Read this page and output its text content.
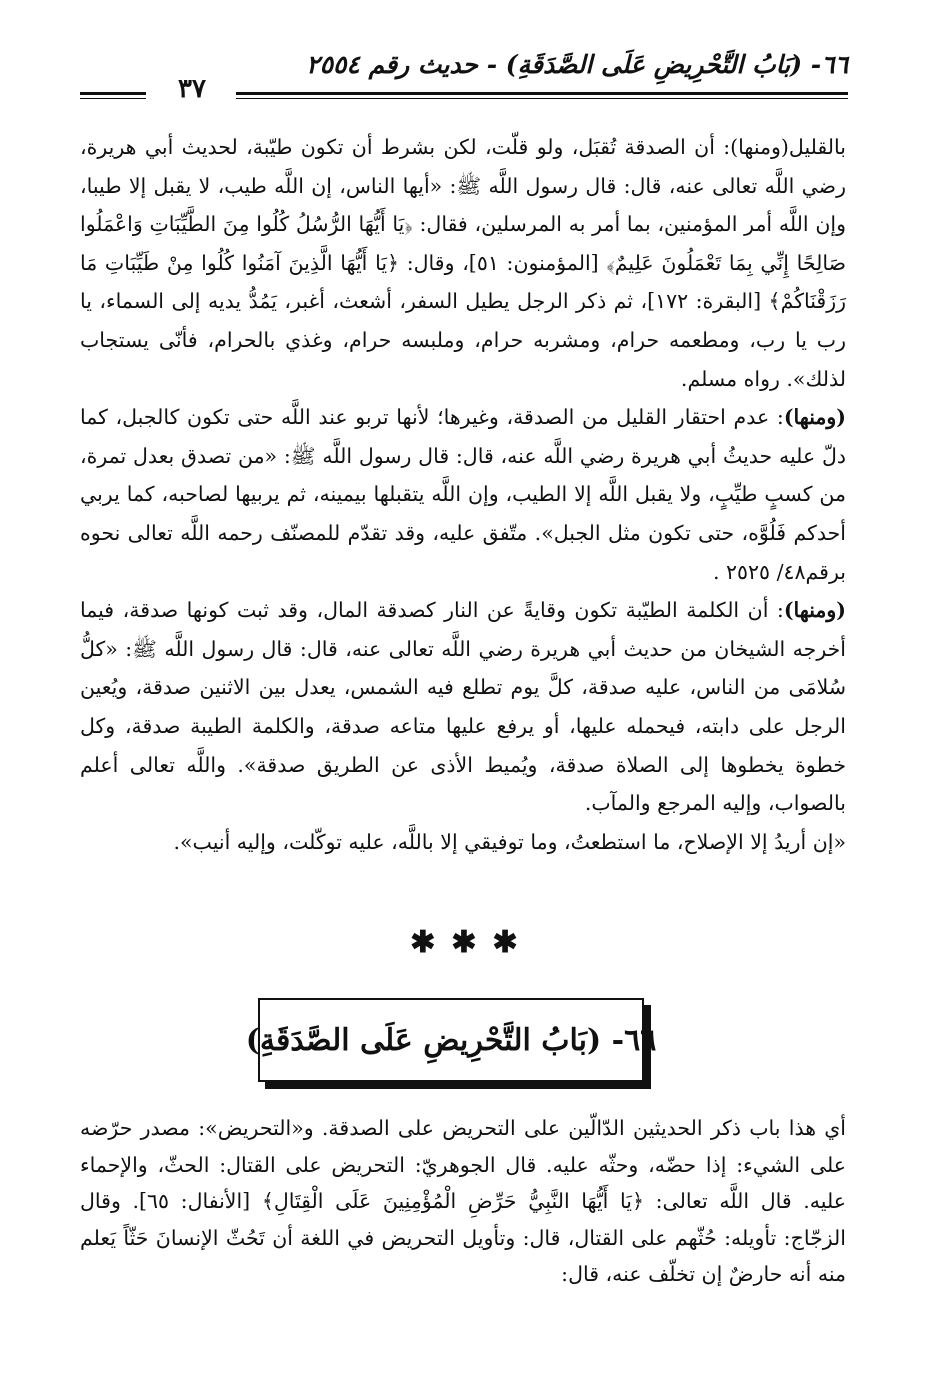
٦٦- (بَابُ التَّحْرِيضِ عَلَى الصَّدَقَةِ) - حديث رقم ٢٥٥٤
٣٧

بالقليل(ومنها): أن الصدقة تُقبَل، ولو قلّت، لكن بشرط أن تكون طيّبة، لحديث أبي هريرة، رضي اللَّه تعالى عنه، قال: قال رسول اللَّه ﷺ: «أيها الناس، إن اللَّه طيب، لا يقبل إلا طيبا، وإن اللَّه أمر المؤمنين، بما أمر به المرسلين، فقال: ﴿يَا أَيُّهَا الرُّسُلُ كُلُوا مِنَ الطَّيِّبَاتِ وَاعْمَلُوا صَالِحًا إِنِّي بِمَا تَعْمَلُونَ عَلِيمٌ﴾ [المؤمنون: ٥١]، وقال: ﴿يَا أَيُّهَا الَّذِينَ آمَنُوا كُلُوا مِنْ طَيِّبَاتِ مَا رَزَقْنَاكُمْ﴾ [البقرة: ١٧٢]، ثم ذكر الرجل يطيل السفر، أشعث، أغبر، يَمُدُّ يديه إلى السماء، يا رب يا رب، ومطعمه حرام، ومشربه حرام، وملبسه حرام، وغذي بالحرام، فأنّى يستجاب لذلك». رواه مسلم.

(ومنها): عدم احتقار القليل من الصدقة، وغيرها؛ لأنها تربو عند اللَّه حتى تكون كالجبل، كما دلّ عليه حديثُ أبي هريرة رضي اللَّه عنه، قال: قال رسول اللَّه ﷺ: «من تصدق بعدل تمرة، من كسبٍ طيِّبٍ، ولا يقبل اللَّه إلا الطيب، وإن اللَّه يتقبلها بيمينه، ثم يربيها لصاحبه، كما يربي أحدكم فَلُوَّه، حتى تكون مثل الجبل». متّفق عليه، وقد تقدّم للمصنّف رحمه اللَّه تعالى نحوه برقم٤٨/ ٢٥٢٥ .

(ومنها): أن الكلمة الطيّبة تكون وقايةً عن النار كصدقة المال، وقد ثبت كونها صدقة، فيما أخرجه الشيخان من حديث أبي هريرة رضي اللَّه تعالى عنه، قال: قال رسول اللَّه ﷺ: «كلُّ سُلامَى من الناس، عليه صدقة، كلَّ يوم تطلع فيه الشمس، يعدل بين الاثنين صدقة، ويُعين الرجل على دابته، فيحمله عليها، أو يرفع عليها متاعه صدقة، والكلمة الطيبة صدقة، وكل خطوة يخطوها إلى الصلاة صدقة، ويُميط الأذى عن الطريق صدقة». واللَّه تعالى أعلم بالصواب، وإليه المرجع والمآب.

«إن أريدُ إلا الإصلاح، ما استطعتُ، وما توفيقي إلا باللَّه، عليه توكّلت، وإليه أنيب».

✱✱✱
٦٦- (بَابُ التَّحْرِيضِ عَلَى الصَّدَقَةِ)

أي هذا باب ذكر الحديثين الدّالّين على التحريض على الصدقة. و«التحريض»: مصدر حرّضه على الشيء: إذا حضّه، وحثّه عليه. قال الجوهريّ: التحريض على القتال: الحثّ، والإحماء عليه. قال اللَّه تعالى: ﴿يَا أَيُّهَا النَّبِيُّ حَرِّضِ الْمُؤْمِنِينَ عَلَى الْقِتَالِ﴾ [الأنفال: ٦٥]. وقال الزجّاج: تأويله: حُثّهم على القتال، قال: وتأويل التحريض في اللغة أن تَحُثّ الإنسانَ حَثّاً يَعلم منه أنه حارضٌ إن تخلّف عنه، قال:
